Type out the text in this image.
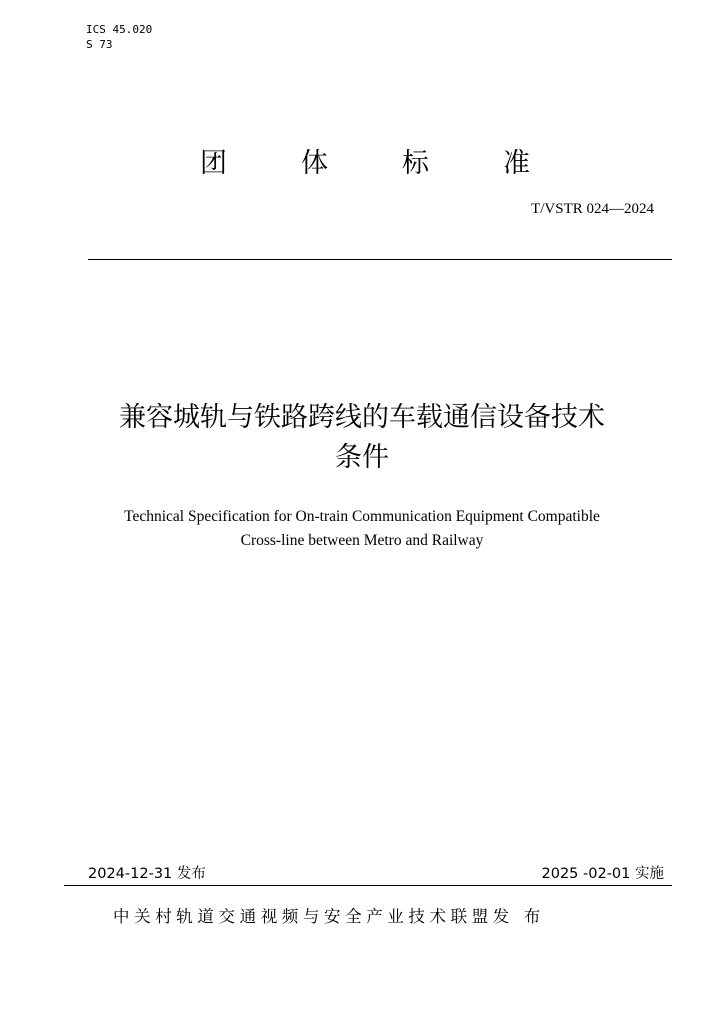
ICS 45.020
S 73
团	体	标	准
T/VSTR 024—2024
兼容城轨与铁路跨线的车载通信设备技术
条件
Technical Specification for On-train Communication Equipment Compatible
Cross-line between Metro and Railway
2024-12-31 发布	2025 -02-01 实施
中关村轨道交通视频与安全产业技术联盟发 布
